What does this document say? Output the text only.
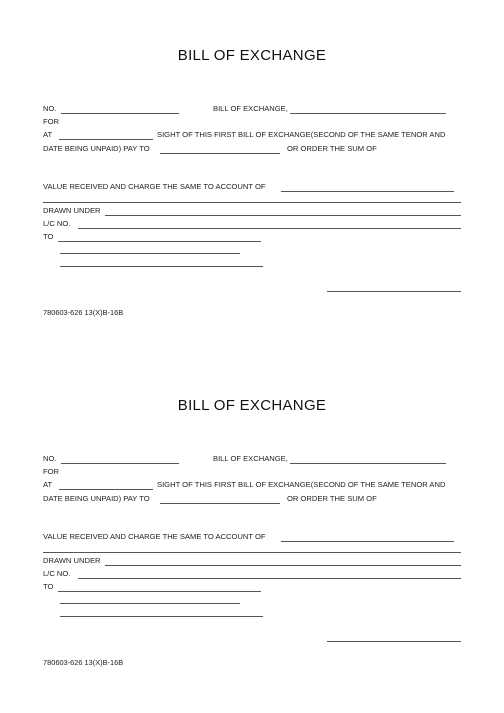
BILL OF EXCHANGE
NO.	BILL OF EXCHANGE,
FOR
AT	SIGHT OF THIS FIRST BILL OF EXCHANGE(SECOND OF THE SAME TENOR AND
DATE BEING UNPAID) PAY TO	OR ORDER THE SUM OF
VALUE RECEIVED AND CHARGE THE SAME TO ACCOUNT OF
DRAWN UNDER
L/C NO.
TO
780603-626 13(X)B-16B
BILL OF EXCHANGE
NO.	BILL OF EXCHANGE,
FOR
AT	SIGHT OF THIS FIRST BILL OF EXCHANGE(SECOND OF THE SAME TENOR AND
DATE BEING UNPAID) PAY TO	OR ORDER THE SUM OF
VALUE RECEIVED AND CHARGE THE SAME TO ACCOUNT OF
DRAWN UNDER
L/C NO.
TO
780603-626 13(X)B-16B
